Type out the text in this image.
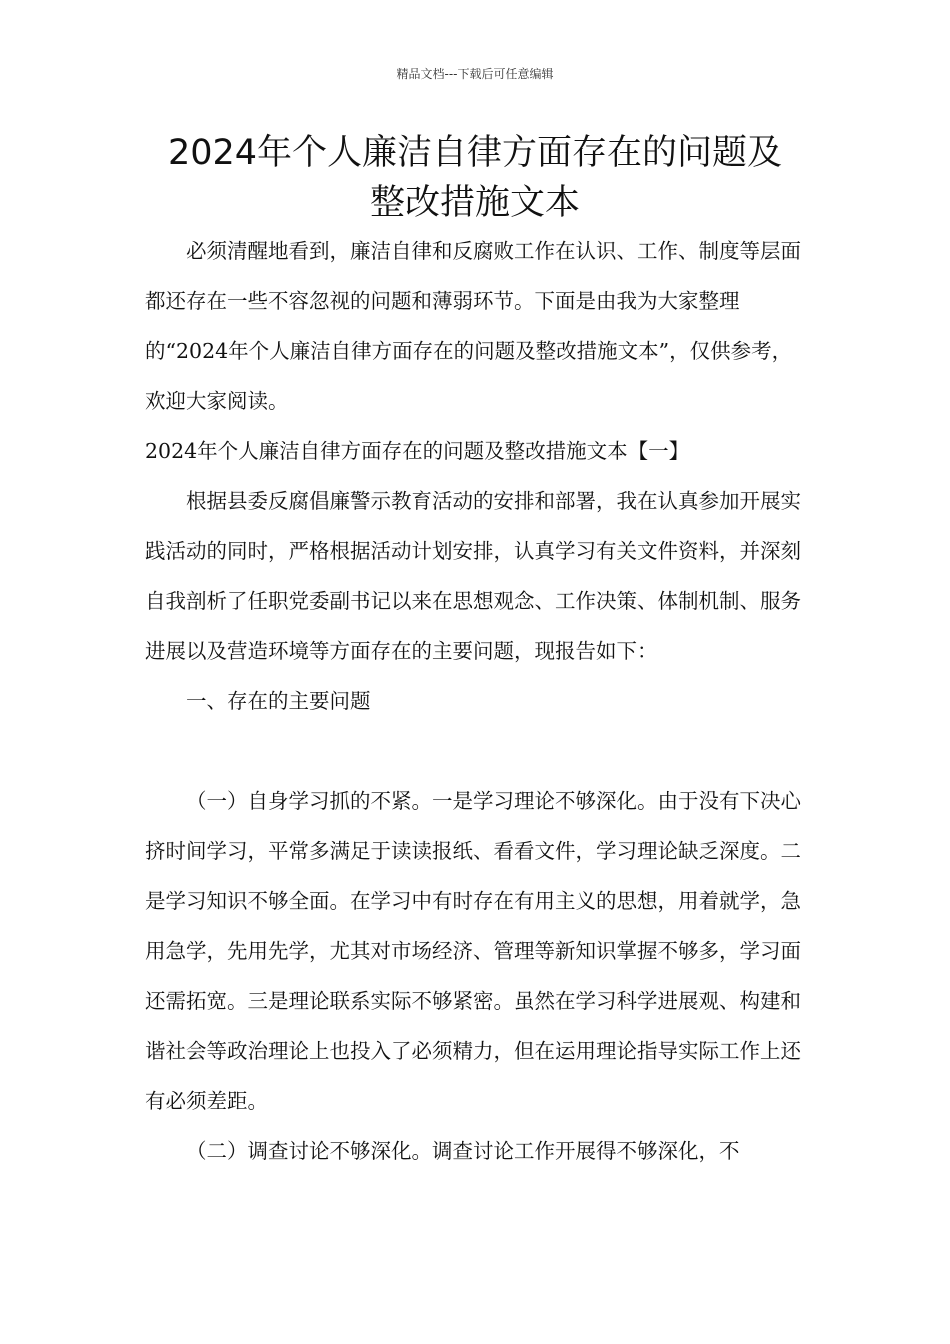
精品文档---下载后可任意编辑
2024年个人廉洁自律方面存在的问题及
整改措施文本

必须清醒地看到，廉洁自律和反腐败工作在认识、工作、制度等层面都还存在一些不容忽视的问题和薄弱环节。下面是由我为大家整理的“2024年个人廉洁自律方面存在的问题及整改措施文本”，仅供参考，欢迎大家阅读。

2024年个人廉洁自律方面存在的问题及整改措施文本【一】

根据县委反腐倡廉警示教育活动的安排和部署，我在认真参加开展实践活动的同时，严格根据活动计划安排，认真学习有关文件资料，并深刻自我剖析了任职党委副书记以来在思想观念、工作决策、体制机制、服务进展以及营造环境等方面存在的主要问题，现报告如下：

一、存在的主要问题

（一）自身学习抓的不紧。一是学习理论不够深化。由于没有下决心挤时间学习，平常多满足于读读报纸、看看文件，学习理论缺乏深度。二是学习知识不够全面。在学习中有时存在有用主义的思想，用着就学，急用急学，先用先学，尤其对市场经济、管理等新知识掌握不够多，学习面还需拓宽。三是理论联系实际不够紧密。虽然在学习科学进展观、构建和谐社会等政治理论上也投入了必须精力，但在运用理论指导实际工作上还有必须差距。

（二）调查讨论不够深化。调查讨论工作开展得不够深化，不
